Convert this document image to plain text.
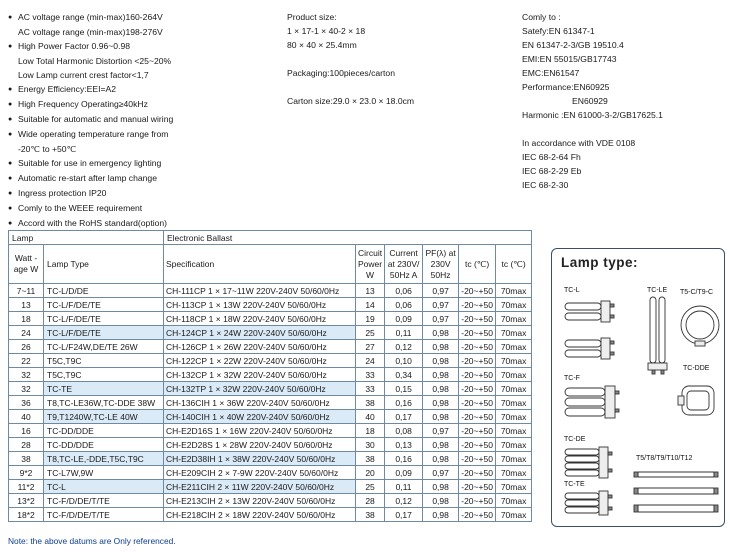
● AC voltage range (min-max)160-264V
AC voltage range (min-max)198-276V
● High Power Factor 0.96~0.98
Low Total Harmonic Distortion <25~20%
Low Lamp current crest factor<1,7
● Energy Efficiency:EEI=A2
● High Frequency Operating≥40kHz
● Suitable for automatic and manual wiring
● Wide operating temperature range from
-20℃ to +50℃
● Suitable for use in emergency lighting
● Automatic re-start after lamp change
● Ingress protection IP20
● Comly to the WEEE requirement
● Accord with the RoHS standard(option)
Product size:
1 × 17-1 × 40-2 × 18
80 × 40 × 25.4mm
Packaging:100pieces/carton
Carton size:29.0 × 23.0 × 18.0cm
Comly to :
Satefy:EN 61347-1
EN 61347-2-3/GB 19510.4
EMI:EN 55015/GB17743
EMC:EN61547
Performance:EN60925
EN60929
Harmonic :EN 61000-3-2/GB17625.1
In accordance with VDE 0108
IEC 68-2-64 Fh
IEC 68-2-29 Eb
IEC 68-2-30
Lamp		Electronic Ballast					
Watt -age W	Lamp Type	Specification	Circuit Power W	Current at 230V/ 50Hz A	PF(λ) at 230V 50Hz	tc (℃)	tc (℃)
7~11	TC-L/D/DE	CH-111CP 1 × 17~11W 220V-240V 50/60/0Hz	13	0,06	0,97	-20~+50	70max
13	TC-L/F/DE/TE	CH-113CP 1 × 13W 220V-240V 50/60/0Hz	14	0,06	0,97	-20~+50	70max
18	TC-L/F/DE/TE	CH-118CP 1 × 18W 220V-240V 50/60/0Hz	19	0,09	0,97	-20~+50	70max
24	TC-L/F/DE/TE	CH-124CP 1 × 24W 220V-240V 50/60/0Hz	25	0,11	0,98	-20~+50	70max
26	TC-L/F24W,DE/TE 26W	CH-126CP 1 × 26W 220V-240V 50/60/0Hz	27	0,12	0,98	-20~+50	70max
22	T5C,T9C	CH-122CP 1 × 22W 220V-240V 50/60/0Hz	24	0,10	0,98	-20~+50	70max
32	T5C,T9C	CH-132CP 1 × 32W 220V-240V 50/60/0Hz	33	0,34	0,98	-20~+50	70max
32	TC-TE	CH-132TP 1 × 32W 220V-240V 50/60/0Hz	33	0,15	0,98	-20~+50	70max
36	T8,TC-LE36W,TC-DDE 38W	CH-136CIH 1 × 36W 220V-240V 50/60/0Hz	38	0,16	0,98	-20~+50	70max
40	T9,T1240W,TC-LE 40W	CH-140CIH 1 × 40W 220V-240V 50/60/0Hz	40	0,17	0,98	-20~+50	70max
16	TC-DD/DDE	CH-E2D16S 1 × 16W 220V-240V 50/60/0Hz	18	0,08	0,97	-20~+50	70max
28	TC-DD/DDE	CH-E2D28S 1 × 28W 220V-240V 50/60/0Hz	30	0,13	0,98	-20~+50	70max
38	T8,TC-LE,-DDE,T5C,T9C	CH-E2D38IH 1 × 38W 220V-240V 50/60/0Hz	38	0,16	0,98	-20~+50	70max
9*2	TC-L7W,9W	CH-E209CIH 2 × 7-9W 220V-240V 50/60/0Hz	20	0,09	0,97	-20~+50	70max
11*2	TC-L	CH-E211CIH 2 × 11W 220V-240V 50/60/0Hz	25	0,11	0,98	-20~+50	70max
13*2	TC-F/D/DE/T/TE	CH-E213CIH 2 × 13W 220V-240V 50/60/0Hz	28	0,12	0,98	-20~+50	70max
18*2	TC-F/D/DE/T/TE	CH-E218CIH 2 × 18W 220V-240V 50/60/0Hz	38	0,17	0,98	-20~+50	70max
Lamp type:
TC-L	TC-LE T5-C/T9-C
TC-F
TC-DDE
TC-DE
T5/T8/T9/T10/T12
TC-TE
Note: the above datums are Only referenced.
